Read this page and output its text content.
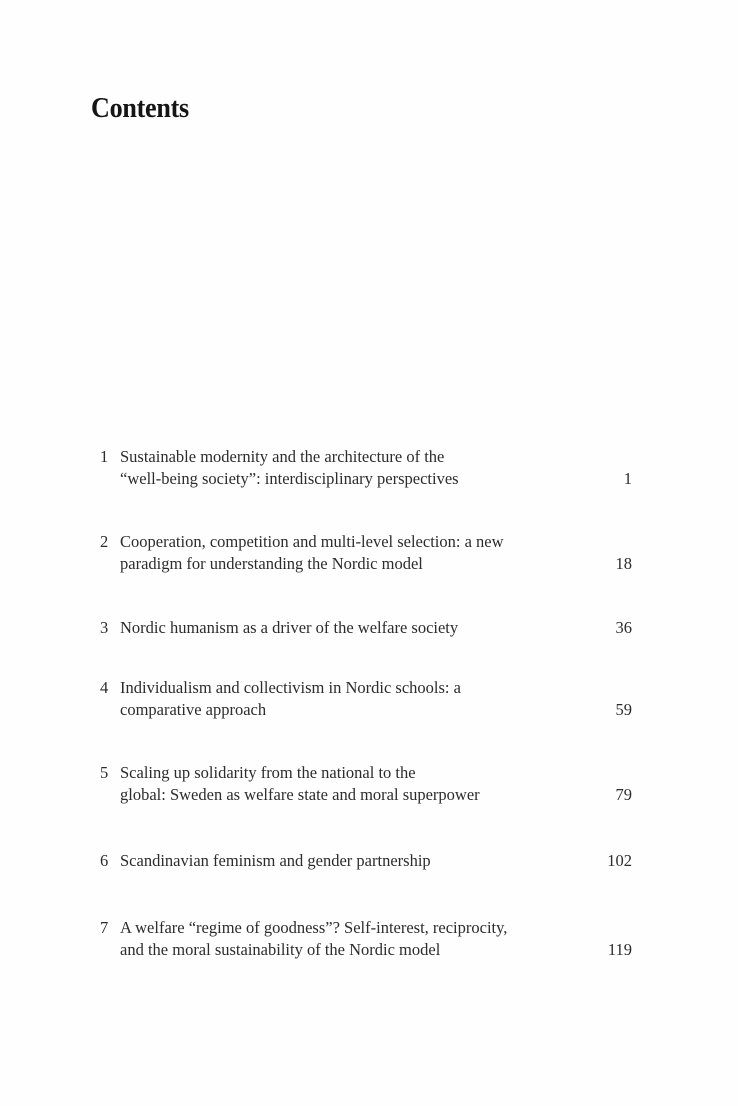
Contents
1 Sustainable modernity and the architecture of the
“well-being society”: interdisciplinary perspectives	1
2 Cooperation, competition and multi-level selection: a new
paradigm for understanding the Nordic model	18
3 Nordic humanism as a driver of the welfare society	36
4 Individualism and collectivism in Nordic schools: a
comparative approach	59
5 Scaling up solidarity from the national to the
global: Sweden as welfare state and moral superpower	79
6 Scandinavian feminism and gender partnership	102
7 A welfare “regime of goodness”? Self-interest, reciprocity,
and the moral sustainability of the Nordic model	119
